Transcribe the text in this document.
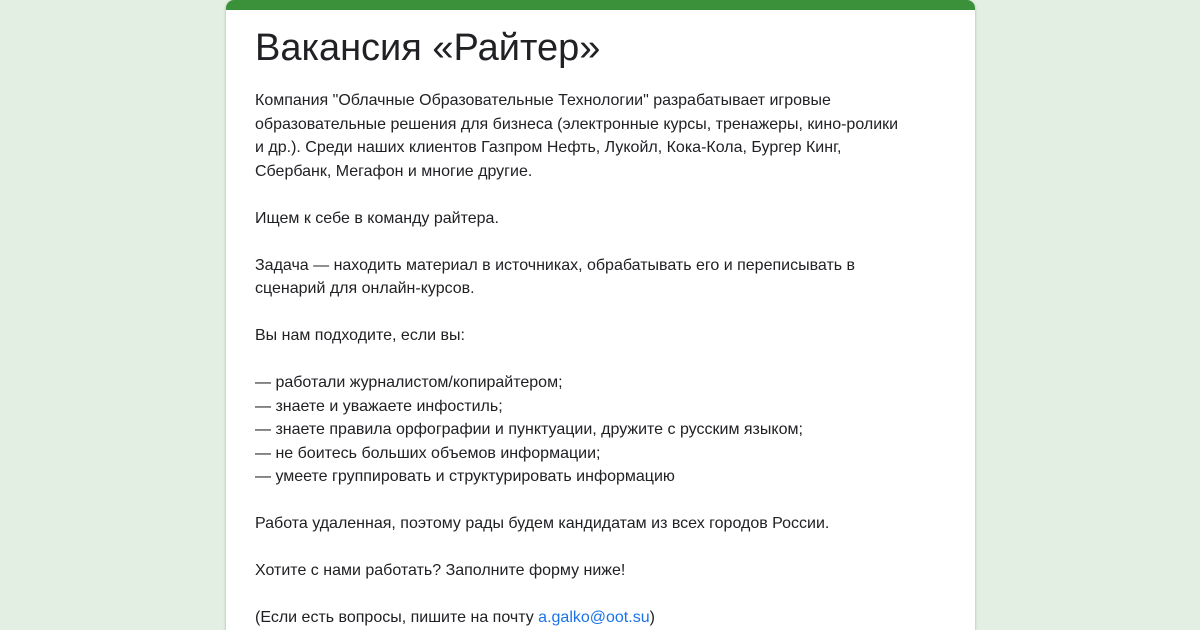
Вакансия «Райтер»

Компания "Облачные Образовательные Технологии" разрабатывает игровые

образовательные решения для бизнеса (электронные курсы, тренажеры, кино-ролики

и др.). Среди наших клиентов Газпром Нефть, Лукойл, Кока-Кола, Бургер Кинг,

Сбербанк, Мегафон и многие другие.

Ищем к себе в команду райтера.

Задача — находить материал в источниках, обрабатывать его и переписывать в

сценарий для онлайн-курсов.

Вы нам подходите, если вы:

— работали журналистом/копирайтером;

— знаете и уважаете инфостиль;

— знаете правила орфографии и пунктуации, дружите с русским языком;

— не боитесь больших объемов информации;

— умеете группировать и структурировать информацию

Работа удаленная, поэтому рады будем кандидатам из всех городов России.

Хотите с нами работать? Заполните форму ниже!

(Если есть вопросы, пишите на почту a.galko@oot.su)
